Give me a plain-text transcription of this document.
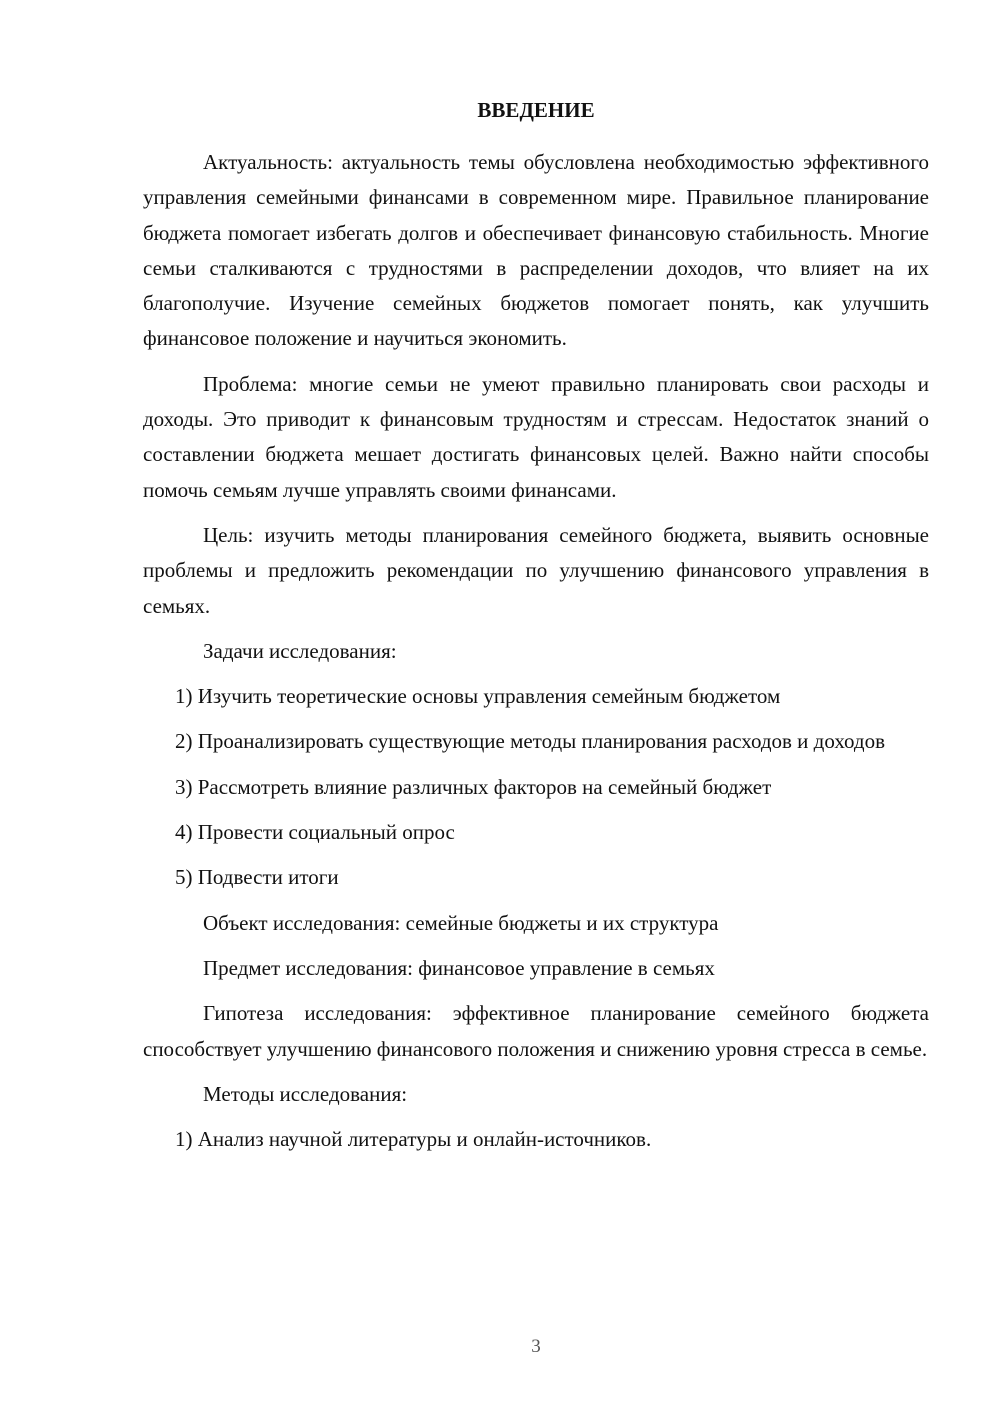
ВВЕДЕНИЕ

Актуальность: актуальность темы обусловлена необходимостью эффективного управления семейными финансами в современном мире. Правильное планирование бюджета помогает избегать долгов и обеспечивает финансовую стабильность. Многие семьи сталкиваются с трудностями в распределении доходов, что влияет на их благополучие. Изучение семейных бюджетов помогает понять, как улучшить финансовое положение и научиться экономить.

Проблема: многие семьи не умеют правильно планировать свои расходы и доходы. Это приводит к финансовым трудностям и стрессам. Недостаток знаний о составлении бюджета мешает достигать финансовых целей. Важно найти способы помочь семьям лучше управлять своими финансами.

Цель: изучить методы планирования семейного бюджета, выявить основные проблемы и предложить рекомендации по улучшению финансового управления в семьях.

Задачи исследования:

1) Изучить теоретические основы управления семейным бюджетом

2) Проанализировать существующие методы планирования расходов и доходов

3) Рассмотреть влияние различных факторов на семейный бюджет

4) Провести социальный опрос

5) Подвести итоги

Объект исследования: семейные бюджеты и их структура

Предмет исследования: финансовое управление в семьях

Гипотеза исследования: эффективное планирование семейного бюджета способствует улучшению финансового положения и снижению уровня стресса в семье.

Методы исследования:

1) Анализ научной литературы и онлайн-источников.

3
